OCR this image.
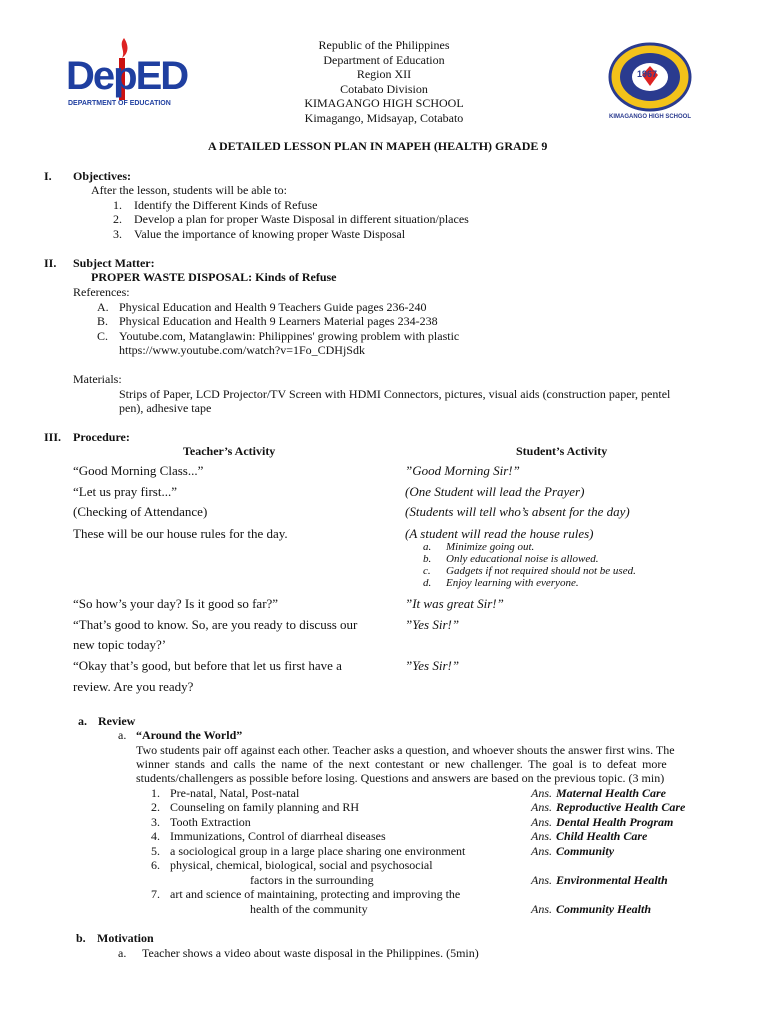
DepED
DEPARTMENT OF EDUCATION
1967
KIMAGANGO HIGH SCHOOL
Republic of the Philippines
Department of Education
Region XII
Cotabato Division
KIMAGANGO HIGH SCHOOL
Kimagango, Midsayap, Cotabato
A DETAILED LESSON PLAN IN MAPEH (HEALTH) GRADE 9
I. Objectives:
After the lesson, students will be able to:
1. Identify the Different Kinds of Refuse
2. Develop a plan for proper Waste Disposal in different situation/places
3. Value the importance of knowing proper Waste Disposal
II. Subject Matter:
PROPER WASTE DISPOSAL: Kinds of Refuse
References:
A. Physical Education and Health 9 Teachers Guide pages 236-240
B. Physical Education and Health 9 Learners Material pages 234-238
C. Youtube.com, Matanglawin: Philippines' growing problem with plastic
https://www.youtube.com/watch?v=1Fo_CDHjSdk
Materials:
Strips of Paper, LCD Projector/TV Screen with HDMI Connectors, pictures, visual aids (construction paper, pentel
pen), adhesive tape
III. Procedure:
Teacher’s Activity	Student’s Activity
“Good Morning Class...”	”Good Morning Sir!”
“Let us pray first...”	(One Student will lead the Prayer)
(Checking of Attendance)	(Students will tell who’s absent for the day)
These will be our house rules for the day.	(A student will read the house rules)
a. Minimize going out.
b. Only educational noise is allowed.
c. Gadgets if not required should not be used.
d. Enjoy learning with everyone.
“So how’s your day? Is it good so far?”	”It was great Sir!”
“That’s good to know. So, are you ready to discuss our
new topic today?’
”Yes Sir!”
“Okay that’s good, but before that let us first have a
review. Are you ready?
”Yes Sir!”
a. Review
a. “Around the World”
Two students pair off against each other. Teacher asks a question, and whoever shouts the answer first wins. The
winner stands and calls the name of the next contestant or new challenger. The goal is to defeat more
students/challengers as possible before losing. Questions and answers are based on the previous topic. (3 min)
1. Pre-natal, Natal, Post-natal	Ans. Maternal Health Care
2. Counseling on family planning and RH	Ans. Reproductive Health Care
3. Tooth Extraction	Ans. Dental Health Program
4. Immunizations, Control of diarrheal diseases	Ans. Child Health Care
5. a sociological group in a large place sharing one environment	Ans. Community
6. physical, chemical, biological, social and psychosocial
factors in the surrounding	Ans. Environmental Health
7. art and science of maintaining, protecting and improving the
health of the community	Ans. Community Health
b. Motivation
a. Teacher shows a video about waste disposal in the Philippines. (5min)
